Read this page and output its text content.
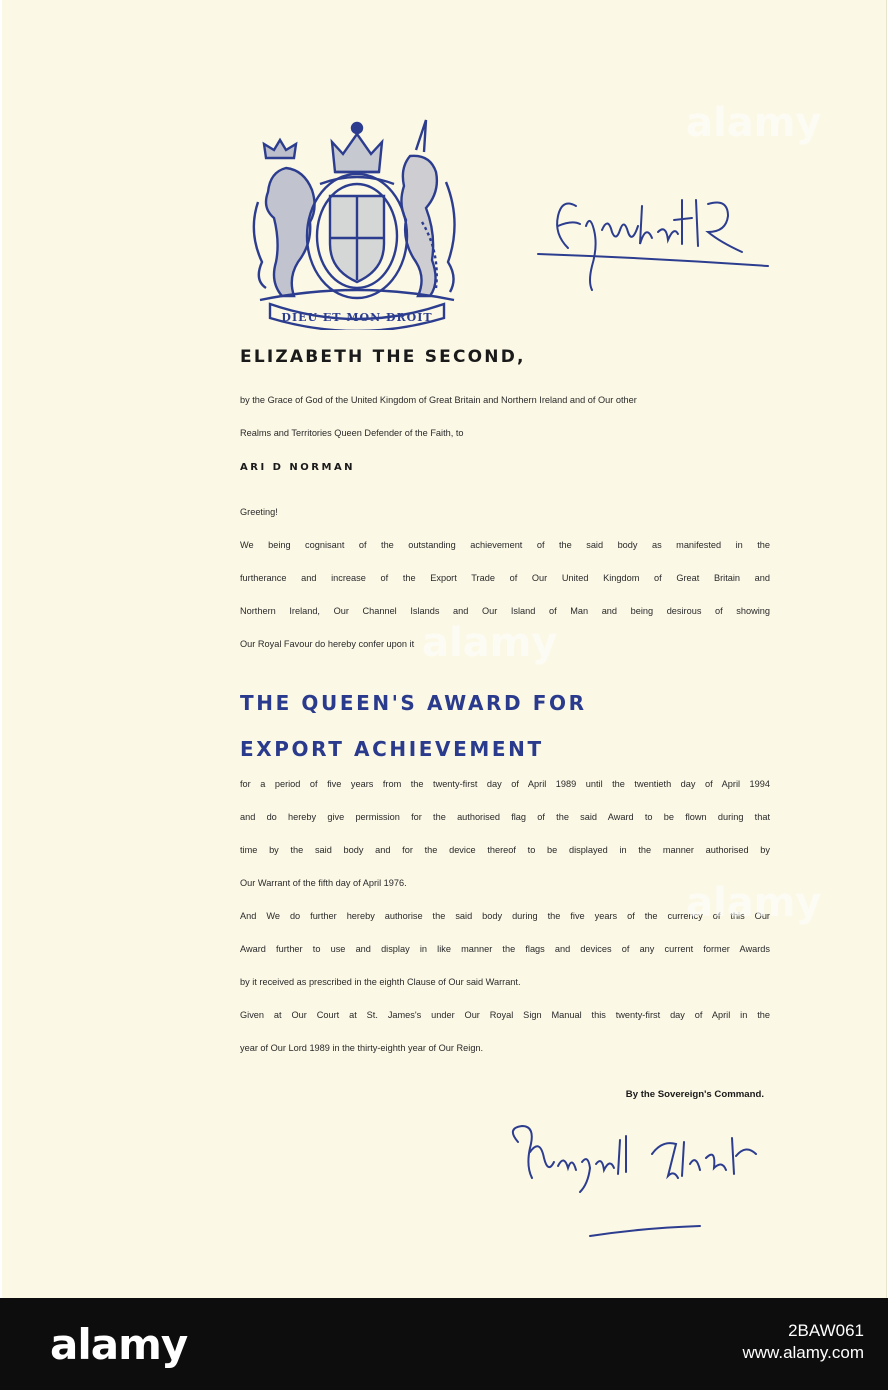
DIEU ET MON DROIT
ELIZABETH THE SECOND,
by the Grace of God of the United Kingdom of Great Britain and Northern Ireland and of Our other
Realms and Territories Queen Defender of the Faith, to
ARI D NORMAN
Greeting!
We being cognisant of the outstanding achievement of the said body as manifested in the
furtherance and increase of the Export Trade of Our United Kingdom of Great Britain and
Northern Ireland, Our Channel Islands and Our Island of Man and being desirous of showing
Our Royal Favour do hereby confer upon it
THE QUEEN'S AWARD FOR
EXPORT ACHIEVEMENT
for a period of five years from the twenty-first day of April 1989 until the twentieth day of April 1994
and do hereby give permission for the authorised flag of the said Award to be flown during that
time by the said body and for the device thereof to be displayed in the manner authorised by
Our Warrant of the fifth day of April 1976.
And We do further hereby authorise the said body during the five years of the currency of this Our
Award further to use and display in like manner the flags and devices of any current former Awards
by it received as prescribed in the eighth Clause of Our said Warrant.
Given at Our Court at St. James's under Our Royal Sign Manual this twenty-first day of April in the
year of Our Lord 1989 in the thirty-eighth year of Our Reign.
By the Sovereign's Command.
alamy
alamy
alamy
alamy	2BAW061
www.alamy.com
